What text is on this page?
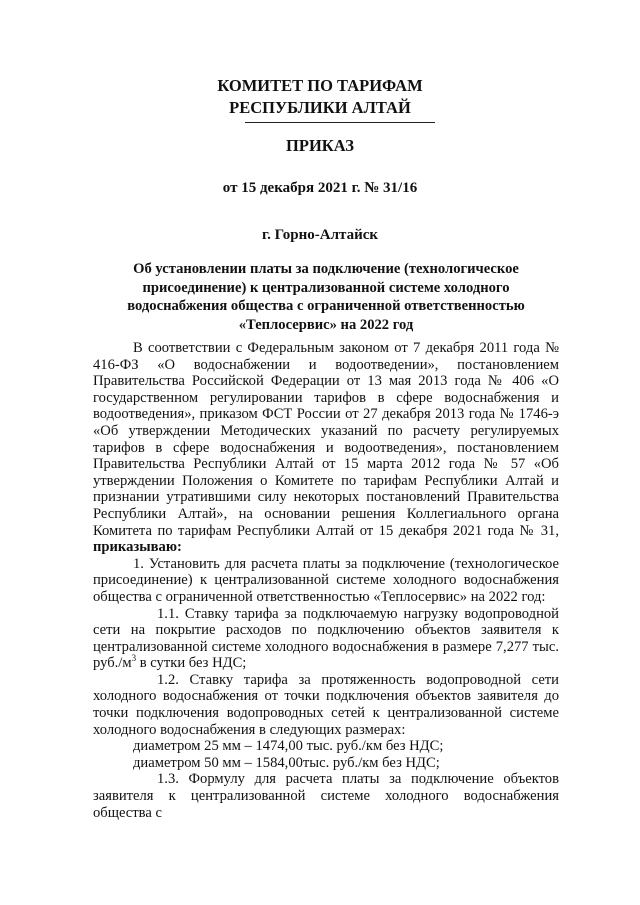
КОМИТЕТ ПО ТАРИФАМ
РЕСПУБЛИКИ АЛТАЙ
ПРИКАЗ
от 15 декабря 2021 г. № 31/16
г. Горно-Алтайск
Об установлении платы за подключение (технологическое присоединение) к централизованной системе холодного водоснабжения общества с ограниченной ответственностью «Теплосервис» на 2022 год

В соответствии с Федеральным законом от 7 декабря 2011 года № 416-ФЗ «О водоснабжении и водоотведении», постановлением Правительства Российской Федерации от 13 мая 2013 года № 406 «О государственном регулировании тарифов в сфере водоснабжения и водоотведения», приказом ФСТ России от 27 декабря 2013 года № 1746-э «Об утверждении Методических указаний по расчету регулируемых тарифов в сфере водоснабжения и водоотведения», постановлением Правительства Республики Алтай от 15 марта 2012 года № 57 «Об утверждении Положения о Комитете по тарифам Республики Алтай и признании утратившими силу некоторых постановлений Правительства Республики Алтай», на основании решения Коллегиального органа Комитета по тарифам Республики Алтай от 15 декабря 2021 года № 31, приказываю:

1. Установить для расчета платы за подключение (технологическое присоединение) к централизованной системе холодного водоснабжения общества с ограниченной ответственностью «Теплосервис» на 2022 год:

1.1. Ставку тарифа за подключаемую нагрузку водопроводной сети на покрытие расходов по подключению объектов заявителя к централизованной системе холодного водоснабжения в размере 7,277 тыс. $руб./м^3$ в сутки без НДС;

1.2. Ставку тарифа за протяженность водопроводной сети холодного водоснабжения от точки подключения объектов заявителя до точки подключения водопроводных сетей к централизованной системе холодного водоснабжения в следующих размерах:

диаметром 25 мм – 1474,00 тыс. руб./км без НДС;

диаметром 50 мм – 1584,00тыс. руб./км без НДС;

1.3. Формулу для расчета платы за подключение объектов заявителя к централизованной системе холодного водоснабжения общества с
